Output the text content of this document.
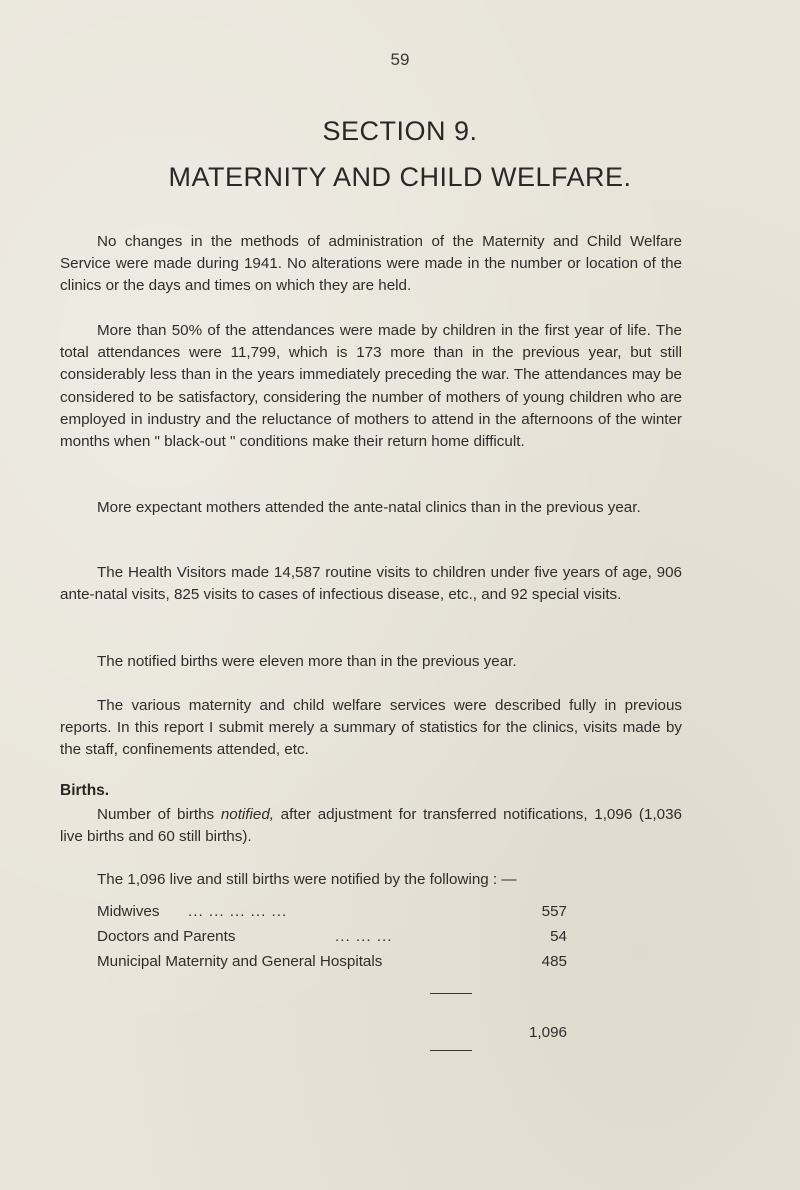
59
SECTION 9.
MATERNITY AND CHILD WELFARE.

No changes in the methods of administration of the Maternity and Child Welfare Service were made during 1941. No alterations were made in the number or location of the clinics or the days and times on which they are held.

More than 50% of the attendances were made by children in the first year of life. The total attendances were 11,799, which is 173 more than in the previous year, but still considerably less than in the years immediately preceding the war. The attendances may be considered to be satisfactory, considering the number of mothers of young children who are employed in industry and the reluctance of mothers to attend in the afternoons of the winter months when " black-out " conditions make their return home difficult.

More expectant mothers attended the ante-natal clinics than in the previous year.

The Health Visitors made 14,587 routine visits to children under five years of age, 906 ante-natal visits, 825 visits to cases of infectious disease, etc., and 92 special visits.

The notified births were eleven more than in the previous year.

The various maternity and child welfare services were described fully in previous reports. In this report I submit merely a summary of statistics for the clinics, visits made by the staff, confinements attended, etc.

Births.

Number of births notified, after adjustment for transferred notifications, 1,096 (1,036 live births and 60 still births).

The 1,096 live and still births were notified by the following : —

Midwives ... ... ... ... ...	557
Doctors and Parents	... ... ...	54
Municipal Maternity and General Hospitals	485
1,096
